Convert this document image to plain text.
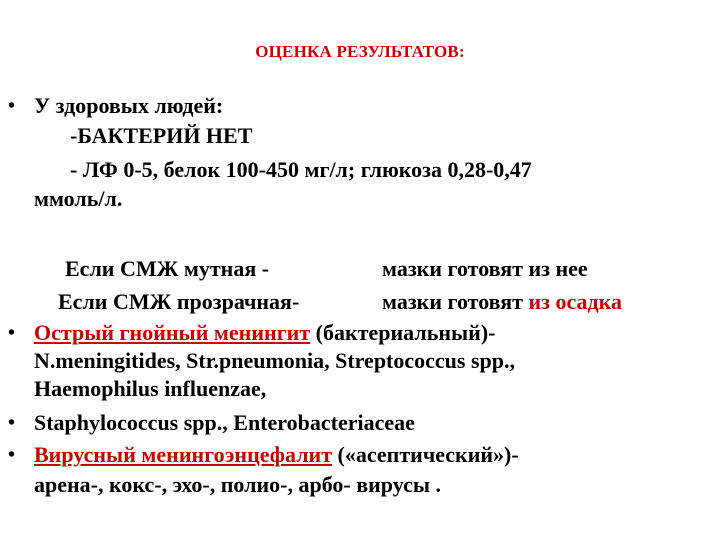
ОЦЕНКА РЕЗУЛЬТАТОВ:
• У здоровых людей:
-БАКТЕРИЙ НЕТ
- ЛФ 0-5, белок 100-450 мг/л; глюкоза 0,28-0,47
ммоль/л.
Если СМЖ мутная -	мазки готовят из нее
Если СМЖ прозрачная-	мазки готовят из осадка
• Острый гнойный менингит (бактериальный)-
N.meningitides, Str.pneumonia, Streptococcus spp.,
Haemophilus influenzae,
• Staphylococcus spp., Enterobacteriaceae
• Вирусный менингоэнцефалит («асептический»)-
арена-, кокс-, эхо-, полио-, арбо- вирусы .
